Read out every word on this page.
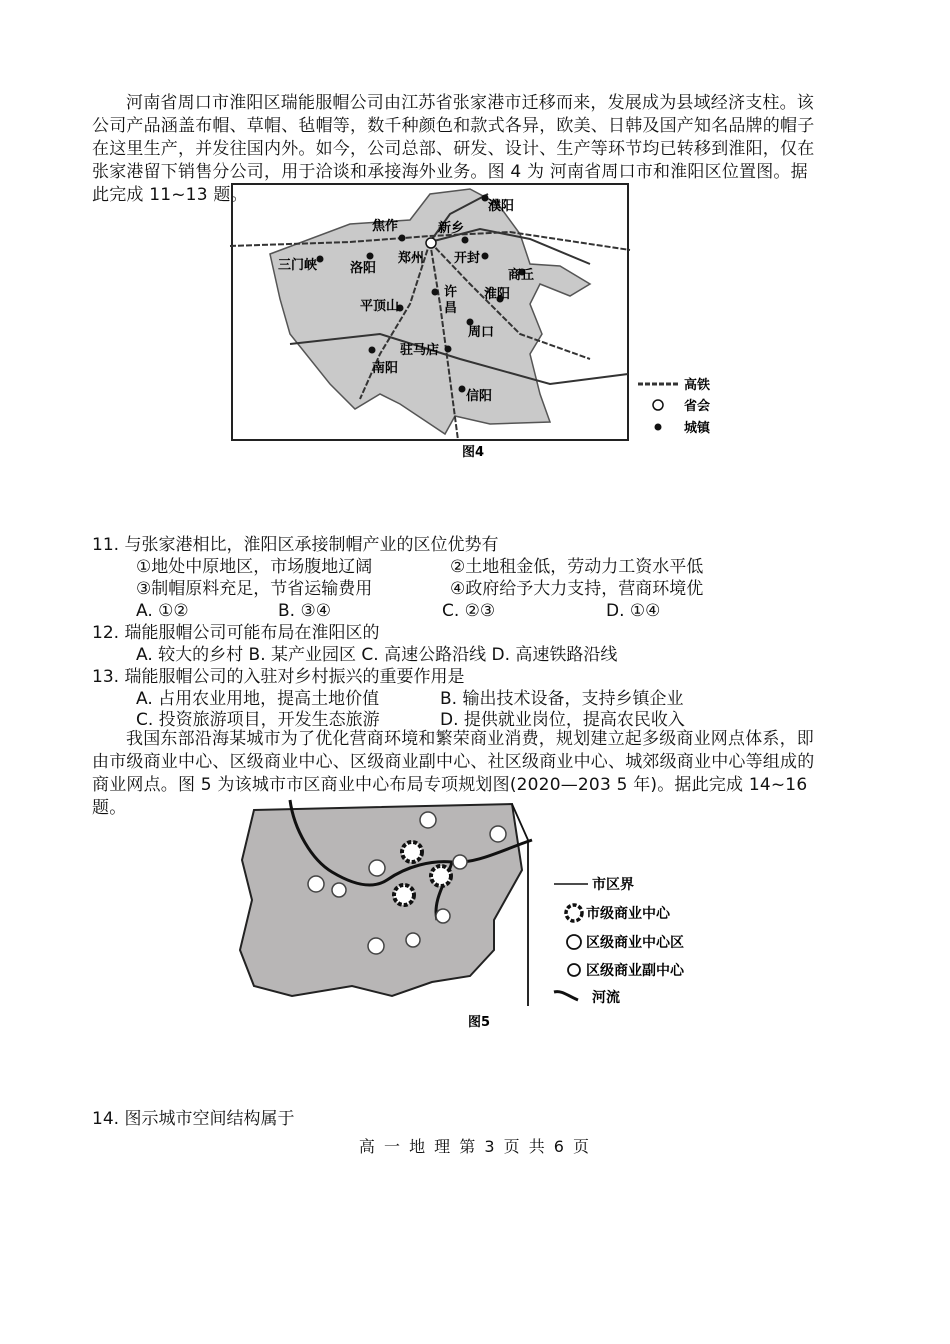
河南省周口市淮阳区瑞能服帽公司由江苏省张家港市迁移而来，发展成为县域经济支柱。该公司产品涵盖布帽、草帽、毡帽等，数千种颜色和款式各异，欧美、日韩及国产知名品牌的帽子在这里生产，并发往国内外。如今，公司总部、研发、设计、生产等环节均已转移到淮阳，仅在张家港留下销售分公司，用于洽谈和承接海外业务。图 4 为 河南省周口市和淮阳区位置图。据此完成 11~13 题。
濮阳
焦作	新乡
三门峡	洛阳
郑州 开封
商丘
许
昌
淮阳
平顶山
周口
驻马店
南阳
信阳
图4
高铁
省会
城镇
11. 与张家港相比，淮阳区承接制帽产业的区位优势有
①地处中原地区，市场腹地辽阔	②土地租金低，劳动力工资水平低
③制帽原料充足，节省运输费用	④政府给予大力支持，营商环境优
A. ①②	B. ③④	C. ②③	D. ①④
12. 瑞能服帽公司可能布局在淮阳区的
A. 较大的乡村 B. 某产业园区 C. 高速公路沿线 D. 高速铁路沿线
13. 瑞能服帽公司的入驻对乡村振兴的重要作用是
A. 占用农业用地，提高土地价值	B. 输出技术设备，支持乡镇企业
C. 投资旅游项目，开发生态旅游	D. 提供就业岗位，提高农民收入
我国东部沿海某城市为了优化营商环境和繁荣商业消费，规划建立起多级商业网点体系，即由市级商业中心、区级商业中心、区级商业副中心、社区级商业中心、城郊级商业中心等组成的商业网点。图 5 为该城市市区商业中心布局专项规划图(2020—203 5 年)。据此完成 14~16 题。
图5
市区界
市级商业中心
区级商业中心区
区级商业副中心
河流
14. 图示城市空间结构属于
高 一 地 理 第 3 页 共 6 页
